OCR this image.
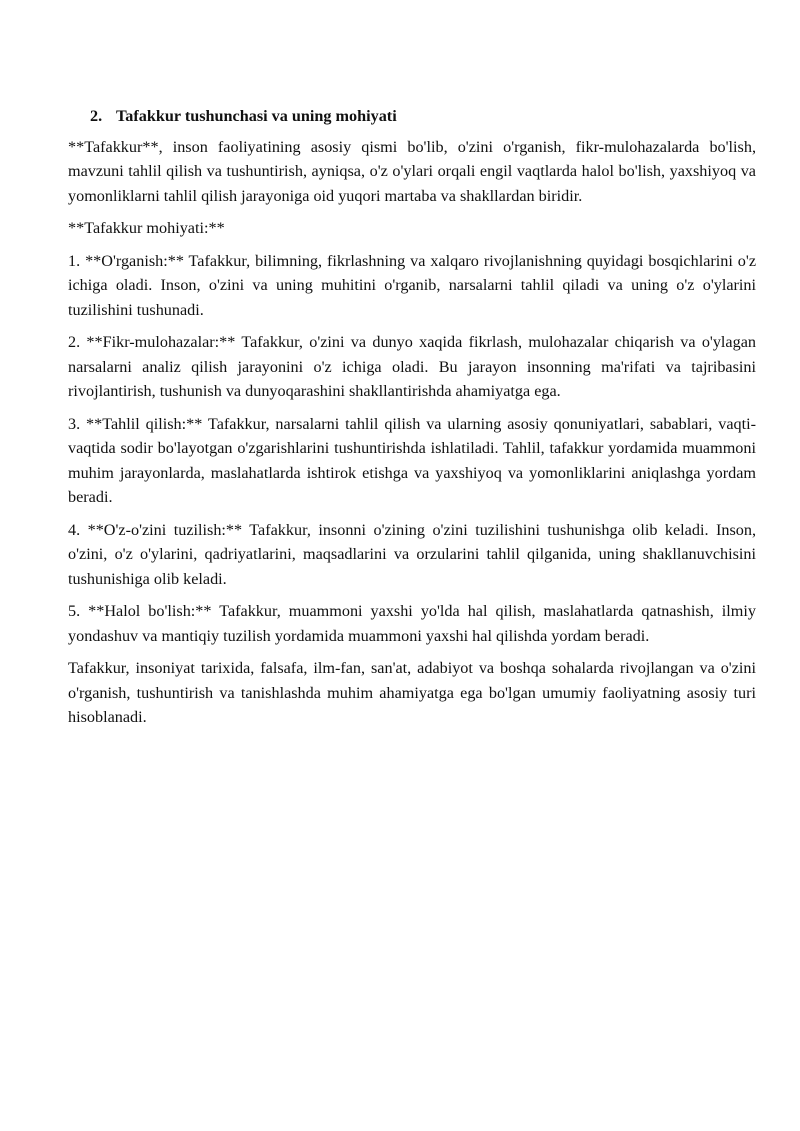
2. Tafakkur tushunchasi va uning mohiyati

**Tafakkur**, inson faoliyatining asosiy qismi bo'lib, o'zini o'rganish, fikr-mulohazalarda bo'lish, mavzuni tahlil qilish va tushuntirish, ayniqsa, o'z o'ylari orqali engil vaqtlarda halol bo'lish, yaxshiyoq va yomonliklarni tahlil qilish jarayoniga oid yuqori martaba va shakllardan biridir.

**Tafakkur mohiyati:**

1. **O'rganish:** Tafakkur, bilimning, fikrlashning va xalqaro rivojlanishning quyidagi bosqichlarini o'z ichiga oladi. Inson, o'zini va uning muhitini o'rganib, narsalarni tahlil qiladi va uning o'z o'ylarini tuzilishini tushunadi.

2. **Fikr-mulohazalar:** Tafakkur, o'zini va dunyo xaqida fikrlash, mulohazalar chiqarish va o'ylagan narsalarni analiz qilish jarayonini o'z ichiga oladi. Bu jarayon insonning ma'rifati va tajribasini rivojlantirish, tushunish va dunyoqarashini shakllantirishda ahamiyatga ega.

3. **Tahlil qilish:** Tafakkur, narsalarni tahlil qilish va ularning asosiy qonuniyatlari, sabablari, vaqti-vaqtida sodir bo'layotgan o'zgarishlarini tushuntirishda ishlatiladi. Tahlil, tafakkur yordamida muammoni muhim jarayonlarda, maslahatlarda ishtirok etishga va yaxshiyoq va yomonliklarini aniqlashga yordam beradi.

4. **O'z-o'zini tuzilish:** Tafakkur, insonni o'zining o'zini tuzilishini tushunishga olib keladi. Inson, o'zini, o'z o'ylarini, qadriyatlarini, maqsadlarini va orzularini tahlil qilganida, uning shakllanuvchisini tushunishiga olib keladi.

5. **Halol bo'lish:** Tafakkur, muammoni yaxshi yo'lda hal qilish, maslahatlarda qatnashish, ilmiy yondashuv va mantiqiy tuzilish yordamida muammoni yaxshi hal qilishda yordam beradi.

Tafakkur, insoniyat tarixida, falsafa, ilm-fan, san'at, adabiyot va boshqa sohalarda rivojlangan va o'zini o'rganish, tushuntirish va tanishlashda muhim ahamiyatga ega bo'lgan umumiy faoliyatning asosiy turi hisoblanadi.
